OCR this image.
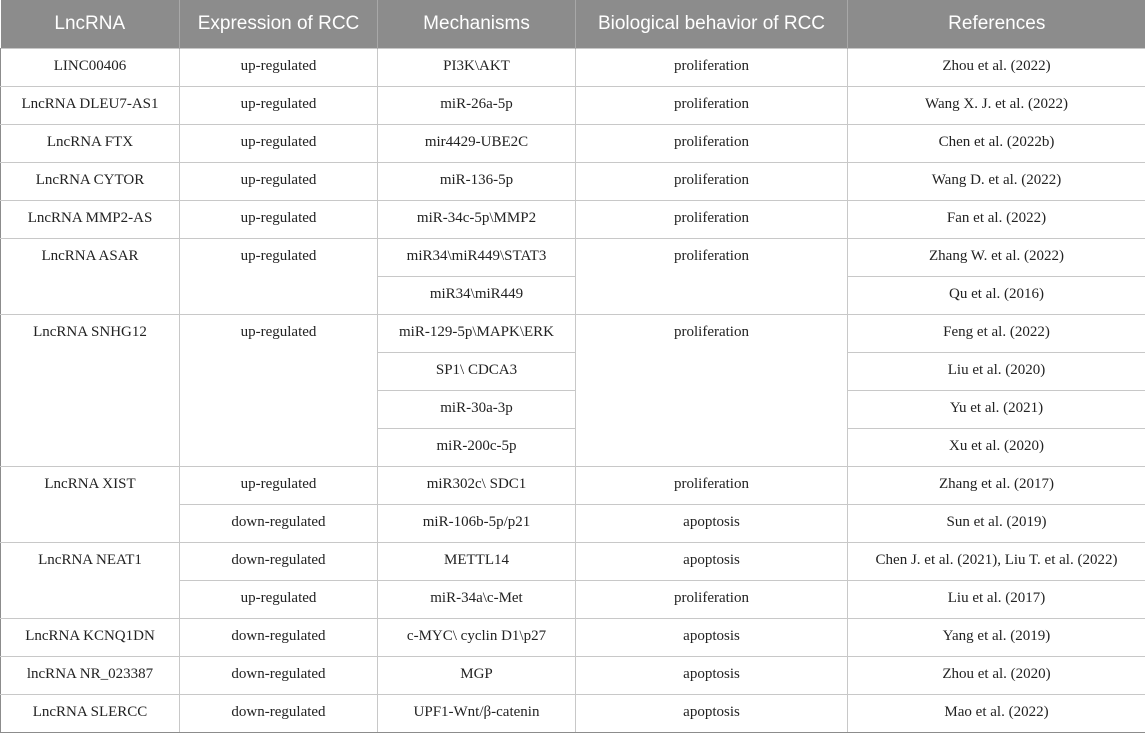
LncRNA	Expression of RCC	Mechanisms	Biological behavior of RCC	References
LINC00406	up-regulated	PI3K\AKT	proliferation	Zhou et al. (2022)
LncRNA DLEU7-AS1	up-regulated	miR-26a-5p	proliferation	Wang X. J. et al. (2022)
LncRNA FTX	up-regulated	mir4429-UBE2C	proliferation	Chen et al. (2022b)
LncRNA CYTOR	up-regulated	miR-136-5p	proliferation	Wang D. et al. (2022)
LncRNA MMP2-AS	up-regulated	miR-34c-5p\MMP2	proliferation	Fan et al. (2022)
LncRNA ASAR	up-regulated	miR34\miR449\STAT3	proliferation	Zhang W. et al. (2022)
		miR34\miR449		Qu et al. (2016)
LncRNA SNHG12	up-regulated	miR-129-5p\MAPK\ERK	proliferation	Feng et al. (2022)
		SP1\ CDCA3		Liu et al. (2020)
		miR-30a-3p		Yu et al. (2021)
		miR-200c-5p		Xu et al. (2020)
LncRNA XIST	up-regulated	miR302c\ SDC1	proliferation	Zhang et al. (2017)
	down-regulated	miR-106b-5p/p21	apoptosis	Sun et al. (2019)
LncRNA NEAT1	down-regulated	METTL14	apoptosis	Chen J. et al. (2021), Liu T. et al. (2022)
	up-regulated	miR-34a\c-Met	proliferation	Liu et al. (2017)
LncRNA KCNQ1DN	down-regulated	c-MYC\ cyclin D1\p27	apoptosis	Yang et al. (2019)
lncRNA NR_023387	down-regulated	MGP	apoptosis	Zhou et al. (2020)
LncRNA SLERCC	down-regulated	UPF1-Wnt/β-catenin	apoptosis	Mao et al. (2022)
